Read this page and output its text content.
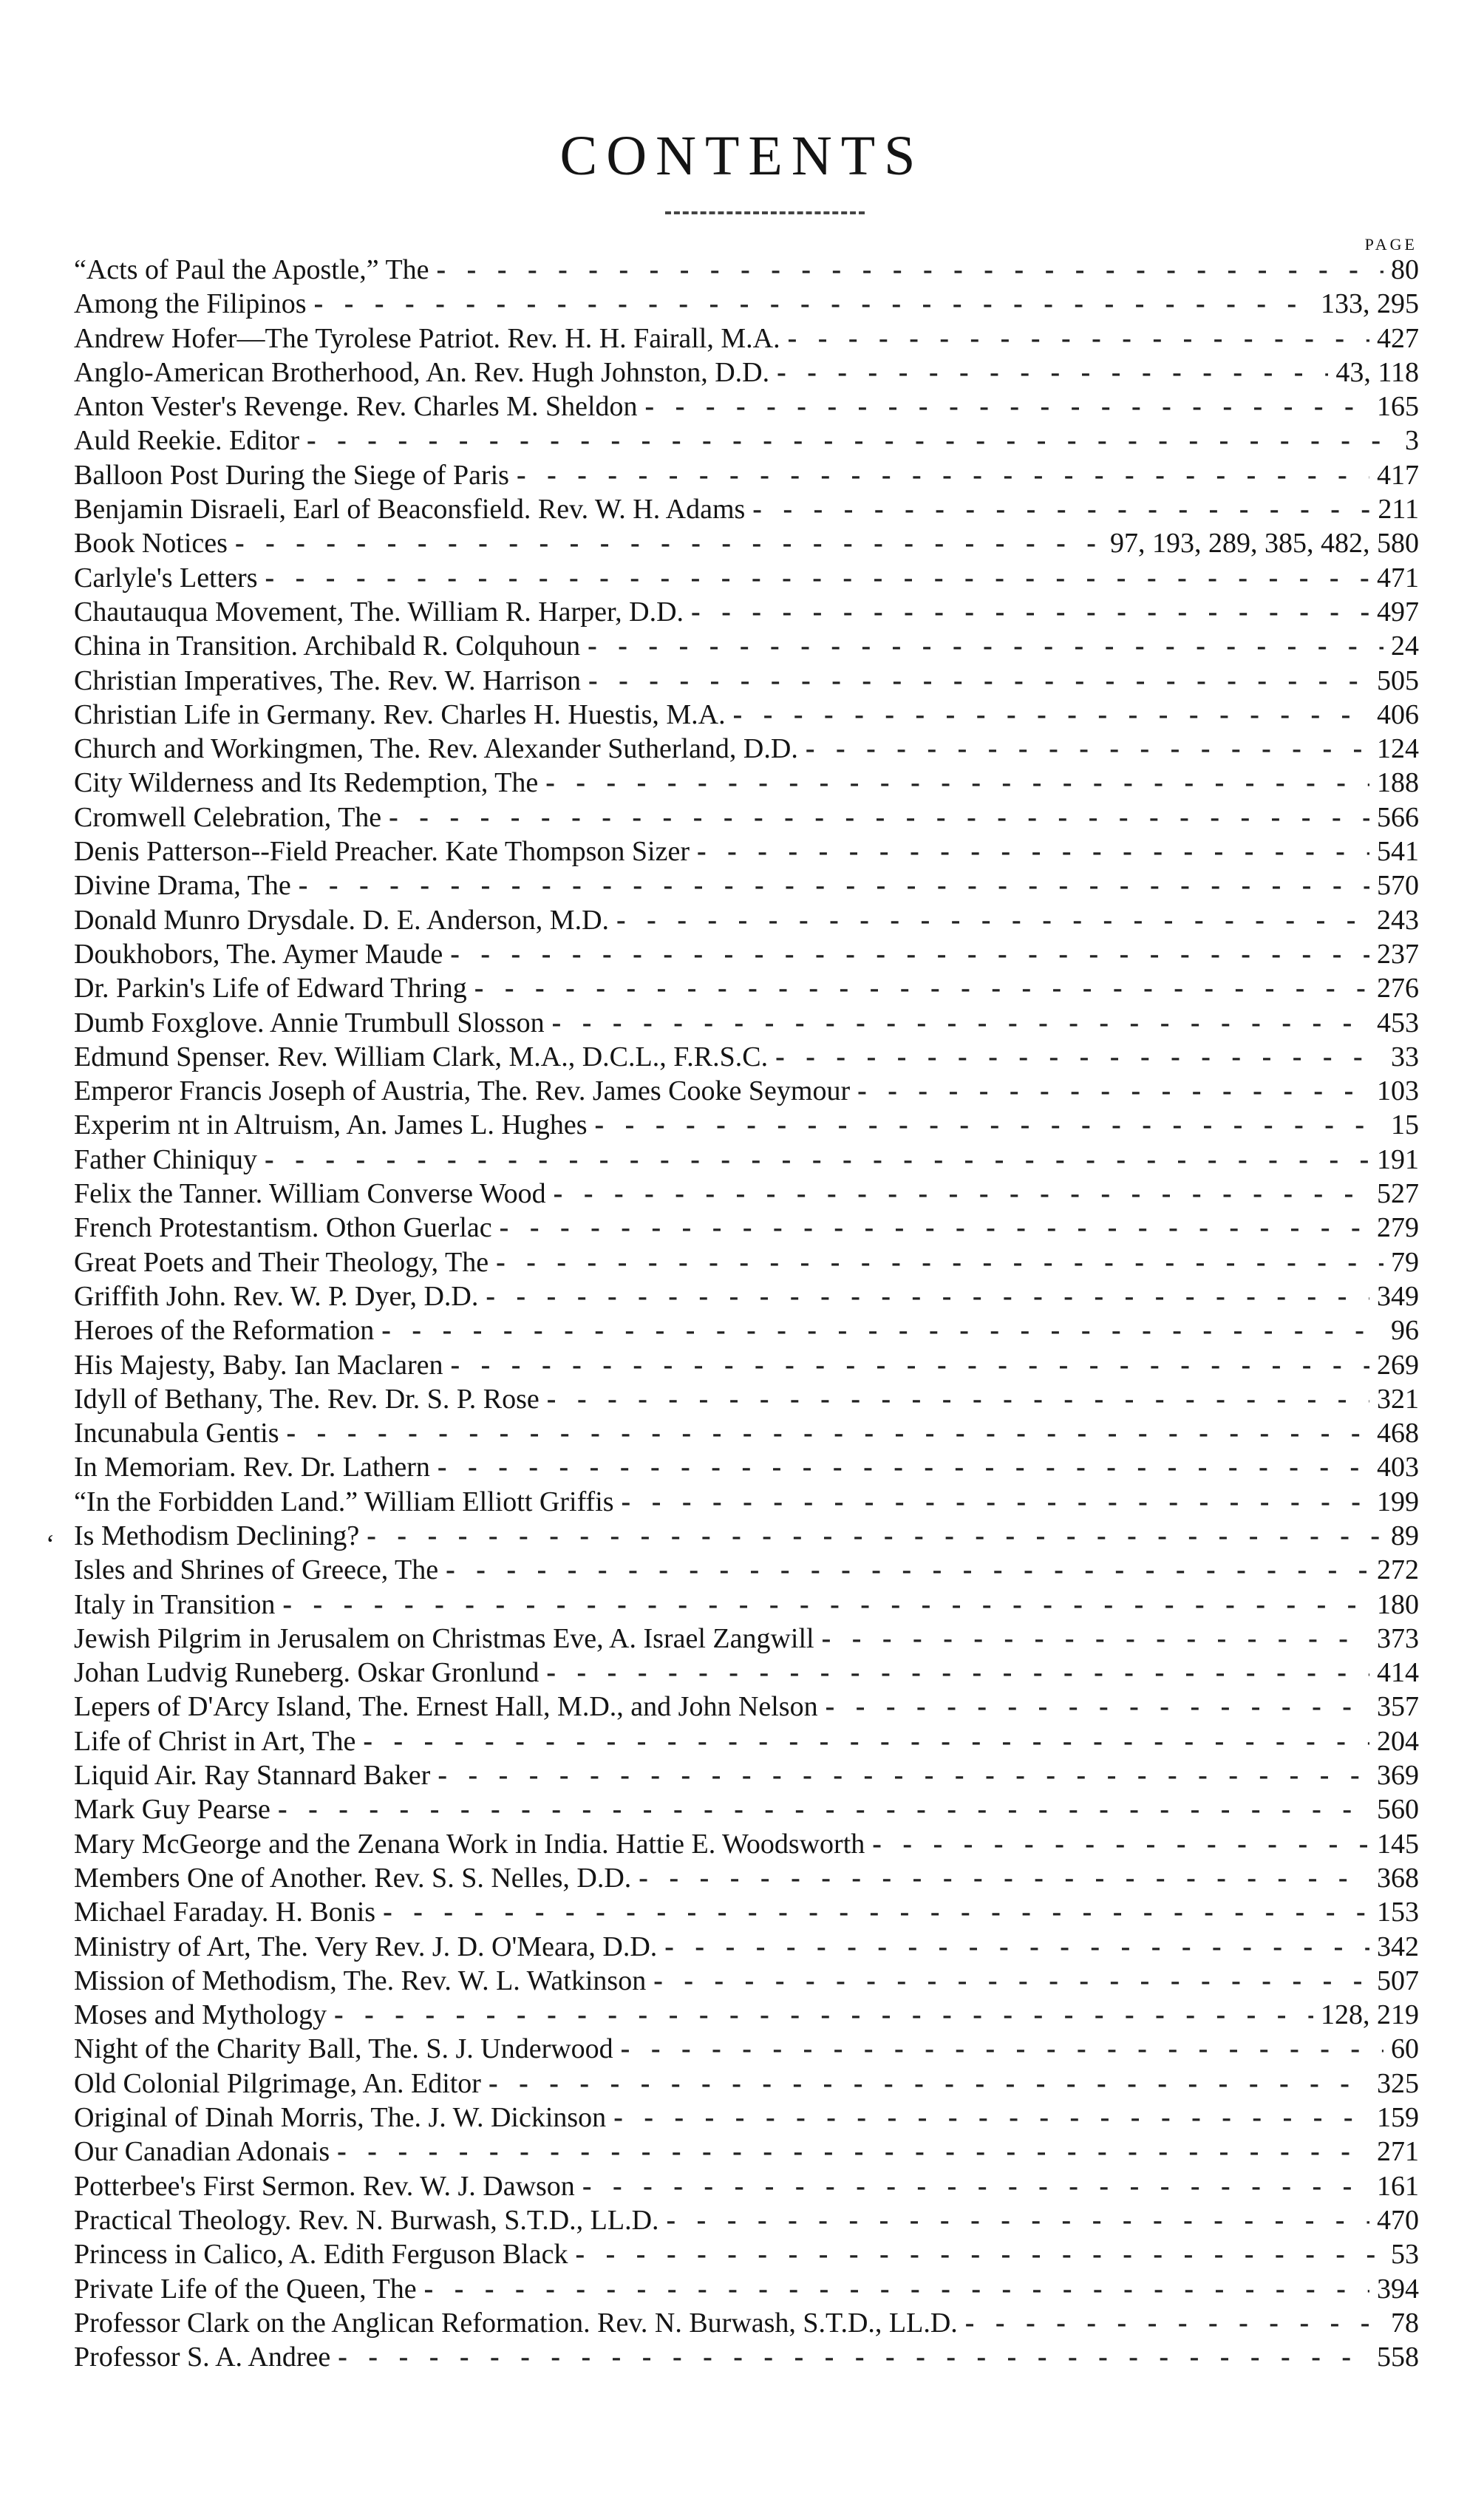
CONTENTS
PAGE
“Acts of Paul the Apostle,” The - -	80
Among the Filipinos - -	133, 295
Andrew Hofer—The Tyrolese Patriot. Rev. H. H. Fairall, M.A. - -	427
Anglo-American Brotherhood, An. Rev. Hugh Johnston, D.D. - -	43, 118
Anton Vester's Revenge. Rev. Charles M. Sheldon - -	165
Auld Reekie. Editor - -	3
Balloon Post During the Siege of Paris - -	417
Benjamin Disraeli, Earl of Beaconsfield. Rev. W. H. Adams - -	211
Book Notices - -	97, 193, 289, 385, 482, 580
Carlyle's Letters - -	471
Chautauqua Movement, The. William R. Harper, D.D. - -	497
China in Transition. Archibald R. Colquhoun - -	24
Christian Imperatives, The. Rev. W. Harrison - -	505
Christian Life in Germany. Rev. Charles H. Huestis, M.A. - -	406
Church and Workingmen, The. Rev. Alexander Sutherland, D.D. - -	124
City Wilderness and Its Redemption, The - -	188
Cromwell Celebration, The - -	566
Denis Patterson--Field Preacher. Kate Thompson Sizer - -	541
Divine Drama, The - -	570
Donald Munro Drysdale. D. E. Anderson, M.D. - -	243
Doukhobors, The. Aymer Maude - -	237
Dr. Parkin's Life of Edward Thring - -	276
Dumb Foxglove. Annie Trumbull Slosson - -	453
Edmund Spenser. Rev. William Clark, M.A., D.C.L., F.R.S.C. - -	33
Emperor Francis Joseph of Austria, The. Rev. James Cooke Seymour - -	103
Experim nt in Altruism, An. James L. Hughes - -	15
Father Chiniquy - -	191
Felix the Tanner. William Converse Wood - -	527
French Protestantism. Othon Guerlac - -	279
Great Poets and Their Theology, The - -	79
Griffith John. Rev. W. P. Dyer, D.D. - -	349
Heroes of the Reformation - -	96
His Majesty, Baby. Ian Maclaren - -	269
Idyll of Bethany, The. Rev. Dr. S. P. Rose - -	321
Incunabula Gentis - -	468
In Memoriam. Rev. Dr. Lathern - -	403
“In the Forbidden Land.” William Elliott Griffis - -	199
Is Methodism Declining? - -	89
Isles and Shrines of Greece, The - -	272
Italy in Transition - -	180
Jewish Pilgrim in Jerusalem on Christmas Eve, A. Israel Zangwill - -	373
Johan Ludvig Runeberg. Oskar Gronlund - -	414
Lepers of D'Arcy Island, The. Ernest Hall, M.D., and John Nelson - -	357
Life of Christ in Art, The - -	204
Liquid Air. Ray Stannard Baker - -	369
Mark Guy Pearse - -	560
Mary McGeorge and the Zenana Work in India. Hattie E. Woodsworth - -	145
Members One of Another. Rev. S. S. Nelles, D.D. - -	368
Michael Faraday. H. Bonis - -	153
Ministry of Art, The. Very Rev. J. D. O'Meara, D.D. - -	342
Mission of Methodism, The. Rev. W. L. Watkinson - -	507
Moses and Mythology - -	128, 219
Night of the Charity Ball, The. S. J. Underwood - -	60
Old Colonial Pilgrimage, An. Editor - -	325
Original of Dinah Morris, The. J. W. Dickinson - -	159
Our Canadian Adonais - -	271
Potterbee's First Sermon. Rev. W. J. Dawson - -	161
Practical Theology. Rev. N. Burwash, S.T.D., LL.D. - -	470
Princess in Calico, A. Edith Ferguson Black - -	53
Private Life of the Queen, The - -	394
Professor Clark on the Anglican Reformation. Rev. N. Burwash, S.T.D., LL.D. - -	78
Professor S. A. Andree - -	558
ʻ
